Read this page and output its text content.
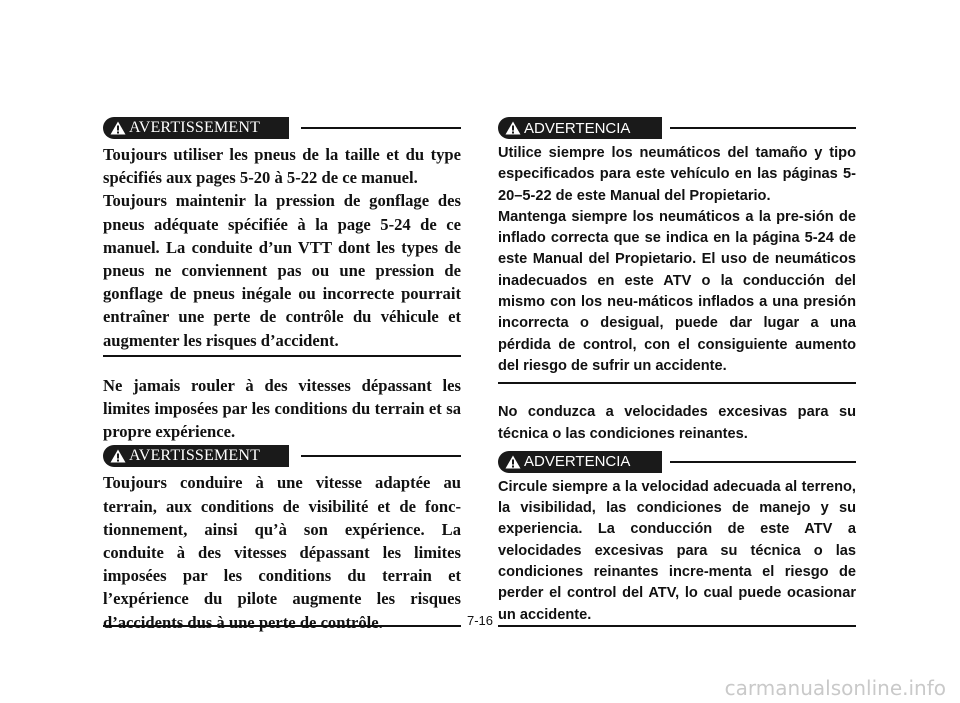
AVERTISSEMENT

Toujours utiliser les pneus de la taille et du type spécifiés aux pages 5-20 à 5-22 de ce manuel.

Toujours maintenir la pression de gonflage des pneus adéquate spécifiée à la page 5-24 de ce manuel. La conduite d’un VTT dont les types de pneus ne conviennent pas ou une pression de gonflage de pneus inégale ou incorrecte pourrait entraîner une perte de contrôle du véhicule et augmenter les risques d’accident.

Ne jamais rouler à des vitesses dépassant les limites imposées par les conditions du terrain et sa propre expérience.

AVERTISSEMENT

Toujours conduire à une vitesse adaptée au terrain, aux conditions de visibilité et de fonc-tionnement, ainsi qu’à son expérience. La conduite à des vitesses dépassant les limites imposées par les conditions du terrain et l’expérience du pilote augmente les risques d’accidents dus à une perte de contrôle.

ADVERTENCIA

Utilice siempre los neumáticos del tamaño y tipo especificados para este vehículo en las páginas 5-20–5-22 de este Manual del Propietario.

Mantenga siempre los neumáticos a la pre-sión de inflado correcta que se indica en la página 5-24 de este Manual del Propietario. El uso de neumáticos inadecuados en este ATV o la conducción del mismo con los neu-máticos inflados a una presión incorrecta o desigual, puede dar lugar a una pérdida de control, con el consiguiente aumento del riesgo de sufrir un accidente.

No conduzca a velocidades excesivas para su técnica o las condiciones reinantes.

ADVERTENCIA

Circule siempre a la velocidad adecuada al terreno, la visibilidad, las condiciones de manejo y su experiencia. La conducción de este ATV a velocidades excesivas para su técnica o las condiciones reinantes incre-menta el riesgo de perder el control del ATV, lo cual puede ocasionar un accidente.

7-16
carmanualsonline.info
